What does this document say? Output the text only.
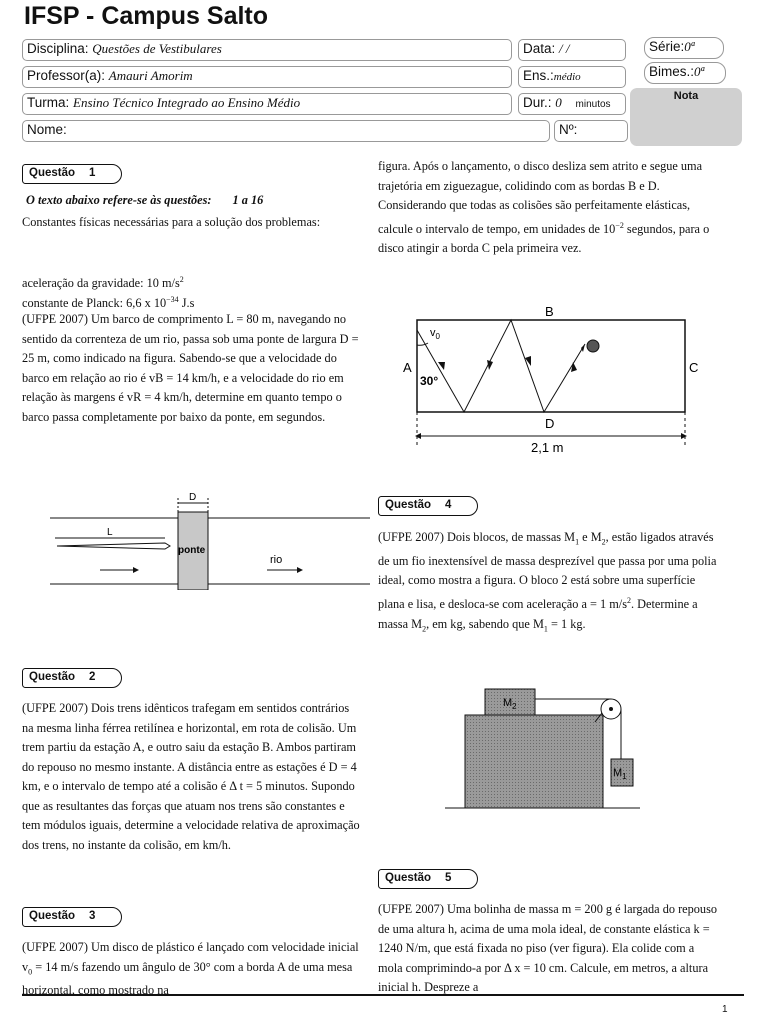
IFSP - Campus Salto
Disciplina: Questões de Vestibulares	Data: / /	Série:0ª
Professor(a): Amauri Amorim	Ens.:médio	Bimes.:0ª
Turma: Ensino Técnico Integrado ao Ensino Médio	Dur.: 0 minutos
Nota
Nome:	Nº:
Questão 1
O texto abaixo refere-se às questões: 1 a 16
Constantes físicas necessárias para a solução dos problemas:
aceleração da gravidade: 10 $m/s^2$
constante de Planck: 6,6 x $10^{-34}$ J.s
(UFPE 2007) Um barco de comprimento L = 80 m, navegando no sentido da correnteza de um rio, passa sob uma ponte de largura D = 25 m, como indicado na figura. Sabendo-se que a velocidade do barco em relação ao rio é vB = 14 km/h, e a velocidade do rio em relação às margens é vR = 4 km/h, determine em quanto tempo o barco passa completamente por baixo da ponte, em segundos.
D
L
ponte
rio
Questão 2
(UFPE 2007) Dois trens idênticos trafegam em sentidos contrários na mesma linha férrea retilínea e horizontal, em rota de colisão. Um trem partiu da estação A, e outro saiu da estação B. Ambos partiram do repouso no mesmo instante. A distância entre as estações é D = 4 km, e o intervalo de tempo até a colisão é Δ t = 5 minutos. Supondo que as resultantes das forças que atuam nos trens são constantes e tem módulos iguais, determine a velocidade relativa de aproximação dos trens, no instante da colisão, em km/h.
Questão 3
(UFPE 2007) Um disco de plástico é lançado com velocidade inicial $v_0 = 14$ m/s fazendo um ângulo de 30° com a borda A de uma mesa horizontal, como mostrado na
figura. Após o lançamento, o disco desliza sem atrito e segue uma trajetória em ziguezague, colidindo com as bordas B e D. Considerando que todas as colisões são perfeitamente elásticas, calcule o intervalo de tempo, em unidades de $10^{-2}$ segundos, para o disco atingir a borda C pela primeira vez.
B
A	C
D
$v_0$
30°
2,1 m
Questão 4
(UFPE 2007) Dois blocos, de massas $M_1$ e $M_2$, estão ligados através de um fio inextensível de massa desprezível que passa por uma polia ideal, como mostra a figura. O bloco 2 está sobre uma superfície plana e lisa, e desloca-se com aceleração a = 1 $m/s^2$. Determine a massa $M_2$, em kg, sabendo que $M_1 = 1$ kg.
$M_2$
$M_1$
Questão 5
(UFPE 2007) Uma bolinha de massa m = 200 g é largada do repouso de uma altura h, acima de uma mola ideal, de constante elástica k = 1240 N/m, que está fixada no piso (ver figura). Ela colide com a mola comprimindo-a por Δ x = 10 cm. Calcule, em metros, a altura inicial h. Despreze a
1
